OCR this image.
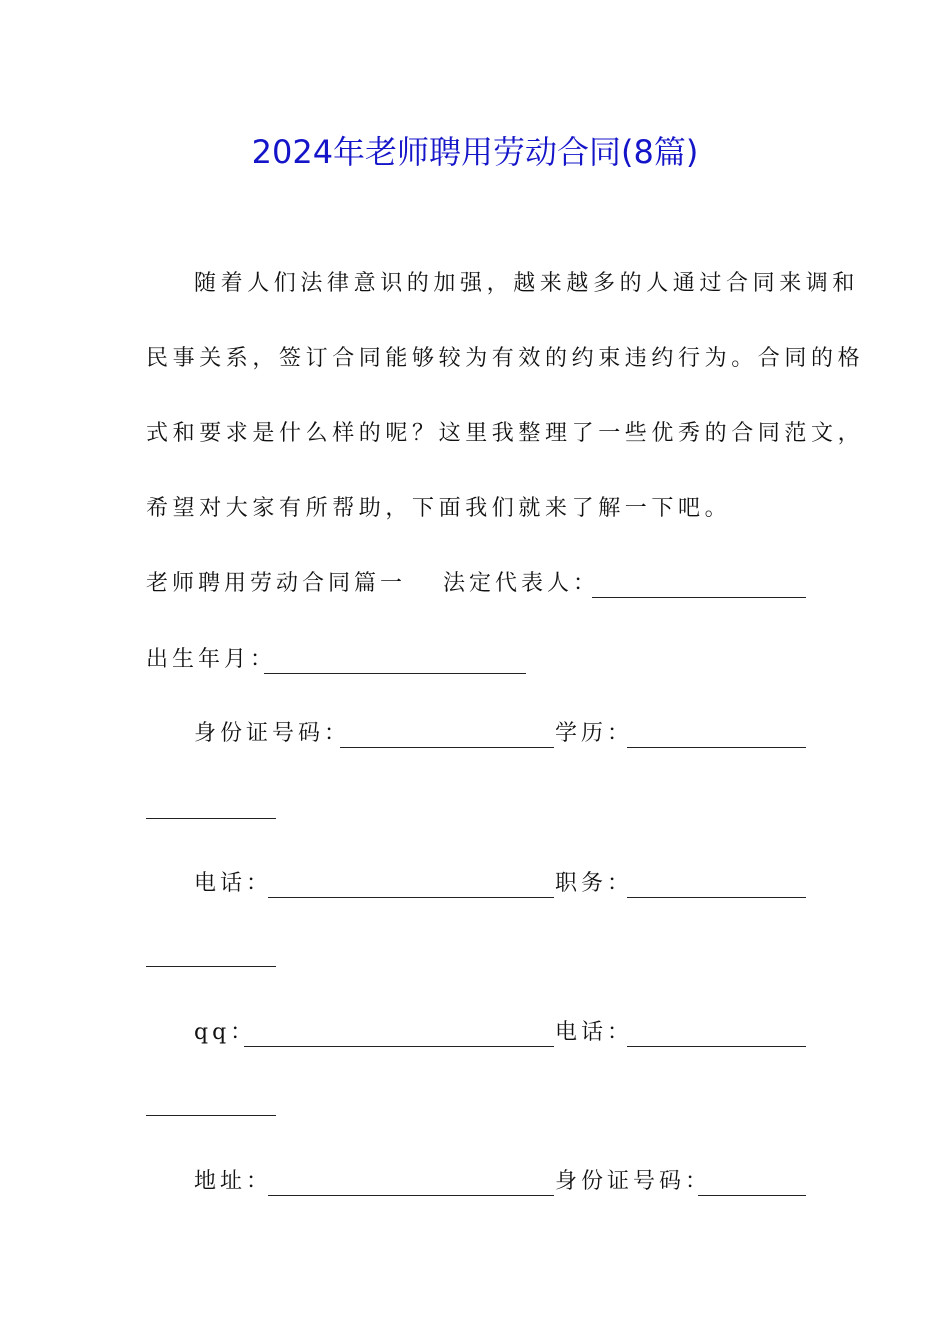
2024年老师聘用劳动合同(8篇)
随着人们法律意识的加强，越来越多的人通过合同来调和
民事关系，签订合同能够较为有效的约束违约行为。合同的格
式和要求是什么样的呢？这里我整理了一些优秀的合同范文，
希望对大家有所帮助，下面我们就来了解一下吧。
老师聘用劳动合同篇一 法定代表人：
出生年月：
身份证号码：	学历：
电话：	职务：
qq：	电话：
地址：	身份证号码：
